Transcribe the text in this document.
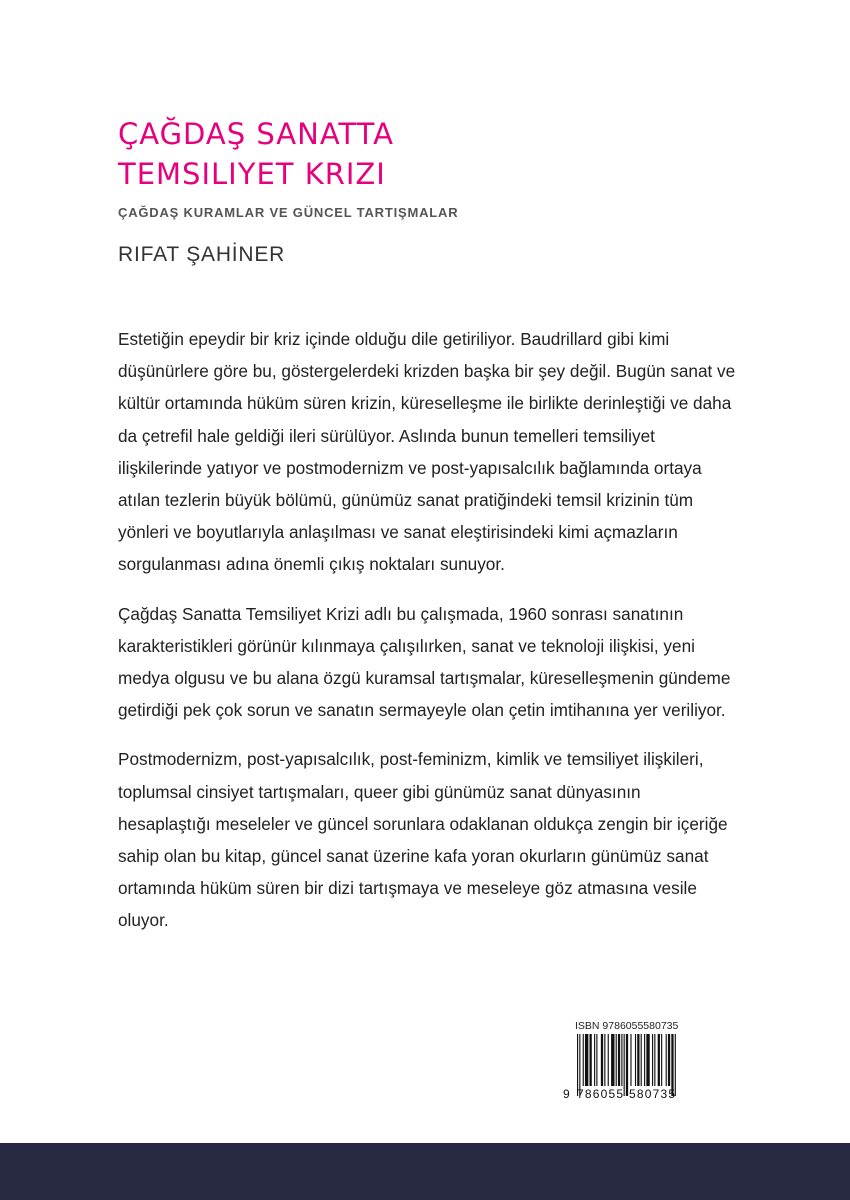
ÇAĞDAŞ SANATTA
TEMSILIYET KRIZI
ÇAĞDAŞ KURAMLAR VE GÜNCEL TARTIŞMALAR
RIFAT ŞAHİNER

Estetiğin epeydir bir kriz içinde olduğu dile getiriliyor. Baudrillard gibi kimi düşünürlere göre bu, göstergelerdeki krizden başka bir şey değil. Bugün sanat ve kültür ortamında hüküm süren krizin, küreselleşme ile birlikte derinleştiği ve daha da çetrefil hale geldiği ileri sürülüyor. Aslında bunun temelleri temsiliyet ilişkilerinde yatıyor ve postmodernizm ve post-yapısalcılık bağlamında ortaya atılan tezlerin büyük bölümü, günümüz sanat pratiğindeki temsil krizinin tüm yönleri ve boyutlarıyla anlaşılması ve sanat eleştirisindeki kimi açmazların sorgulanması adına önemli çıkış noktaları sunuyor.

Çağdaş Sanatta Temsiliyet Krizi adlı bu çalışmada, 1960 sonrası sanatının karakteristikleri görünür kılınmaya çalışılırken, sanat ve teknoloji ilişkisi, yeni medya olgusu ve bu alana özgü kuramsal tartışmalar, küreselleşmenin gündeme getirdiği pek çok sorun ve sanatın sermayeyle olan çetin imtihanına yer veriliyor.

Postmodernizm, post-yapısalcılık, post-feminizm, kimlik ve temsiliyet ilişkileri, toplumsal cinsiyet tartışmaları, queer gibi günümüz sanat dünyasının hesaplaştığı meseleler ve güncel sorunlara odaklanan oldukça zengin bir içeriğe sahip olan bu kitap, güncel sanat üzerine kafa yoran okurların günümüz sanat ortamında hüküm süren bir dizi tartışmaya ve meseleye göz atmasına vesile oluyor.

ISBN 9786055580735
9 786055 580735
